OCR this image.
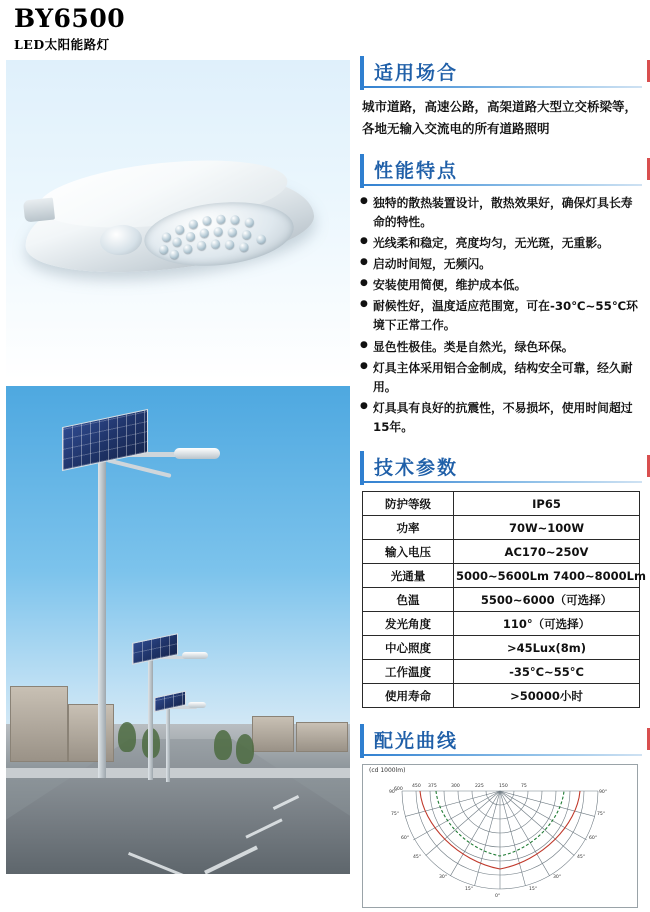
BY6500
LED太阳能路灯
适用场合
城市道路，高速公路，高架道路大型立交桥梁等，各地无输入交流电的所有道路照明
性能特点
● 独特的散热装置设计，散热效果好，确保灯具长寿命的特性。
● 光线柔和稳定，亮度均匀，无光斑，无重影。
● 启动时间短，无频闪。
● 安装使用简便，维护成本低。
● 耐候性好，温度适应范围宽，可在-30℃~55℃环境下正常工作。
● 显色性极佳。类是自然光，绿色环保。
● 灯具主体采用铝合金制成，结构安全可靠，经久耐用。
● 灯具具有良好的抗震性，不易损坏，使用时间超过15年。
技术参数
防护等级	IP65
功率	70W~100W
输入电压	AC170~250V
光通量	5000~5600Lm 7400~8000Lm
色温	5500~6000（可选择）
发光角度	110°（可选择）
中心照度	>45Lux(8m)
工作温度	-35°C~55°C
使用寿命	>50000小时
配光曲线
(cd 1000lm)
600
450 375	300	225	150	75
90°
75°
60°
45°
30°
15°
0°
15°
30°
45°
60°
75°
90°
